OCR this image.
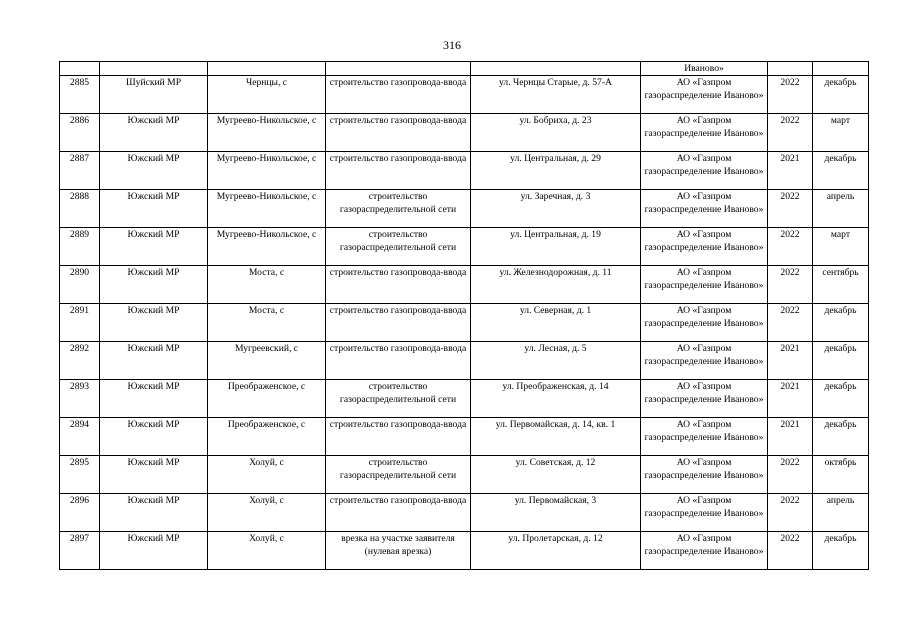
316
					Иваново»		
2885	Шуйский МР	Чернцы, с	строительство газопровода-ввода	ул. Чернцы Старые, д. 57-А	АО «Газпром газораспределение Иваново»	2022	декабрь
2886	Южский МР	Мугреево-Никольское, с	строительство газопровода-ввода	ул. Бобриха, д. 23	АО «Газпром газораспределение Иваново»	2022	март
2887	Южский МР	Мугреево-Никольское, с	строительство газопровода-ввода	ул. Центральная, д. 29	АО «Газпром газораспределение Иваново»	2021	декабрь
2888	Южский МР	Мугреево-Никольское, с	строительство газораспределительной сети	ул. Заречная, д. 3	АО «Газпром газораспределение Иваново»	2022	апрель
2889	Южский МР	Мугреево-Никольское, с	строительство газораспределительной сети	ул. Центральная, д. 19	АО «Газпром газораспределение Иваново»	2022	март
2890	Южский МР	Моста, с	строительство газопровода-ввода	ул. Железнодорожная, д. 11	АО «Газпром газораспределение Иваново»	2022	сентябрь
2891	Южский МР	Моста, с	строительство газопровода-ввода	ул. Северная, д. 1	АО «Газпром газораспределение Иваново»	2022	декабрь
2892	Южский МР	Мугреевский, с	строительство газопровода-ввода	ул. Лесная, д. 5	АО «Газпром газораспределение Иваново»	2021	декабрь
2893	Южский МР	Преображенское, с	строительство газораспределительной сети	ул. Преображенская, д. 14	АО «Газпром газораспределение Иваново»	2021	декабрь
2894	Южский МР	Преображенское, с	строительство газопровода-ввода	ул. Первомайская, д. 14, кв. 1	АО «Газпром газораспределение Иваново»	2021	декабрь
2895	Южский МР	Холуй, с	строительство газораспределительной сети	ул. Советская, д. 12	АО «Газпром газораспределение Иваново»	2022	октябрь
2896	Южский МР	Холуй, с	строительство газопровода-ввода	ул. Первомайская, 3	АО «Газпром газораспределение Иваново»	2022	апрель
2897	Южский МР	Холуй, с	врезка на участке заявителя (нулевая врезка)	ул. Пролетарская, д. 12	АО «Газпром газораспределение Иваново»	2022	декабрь
